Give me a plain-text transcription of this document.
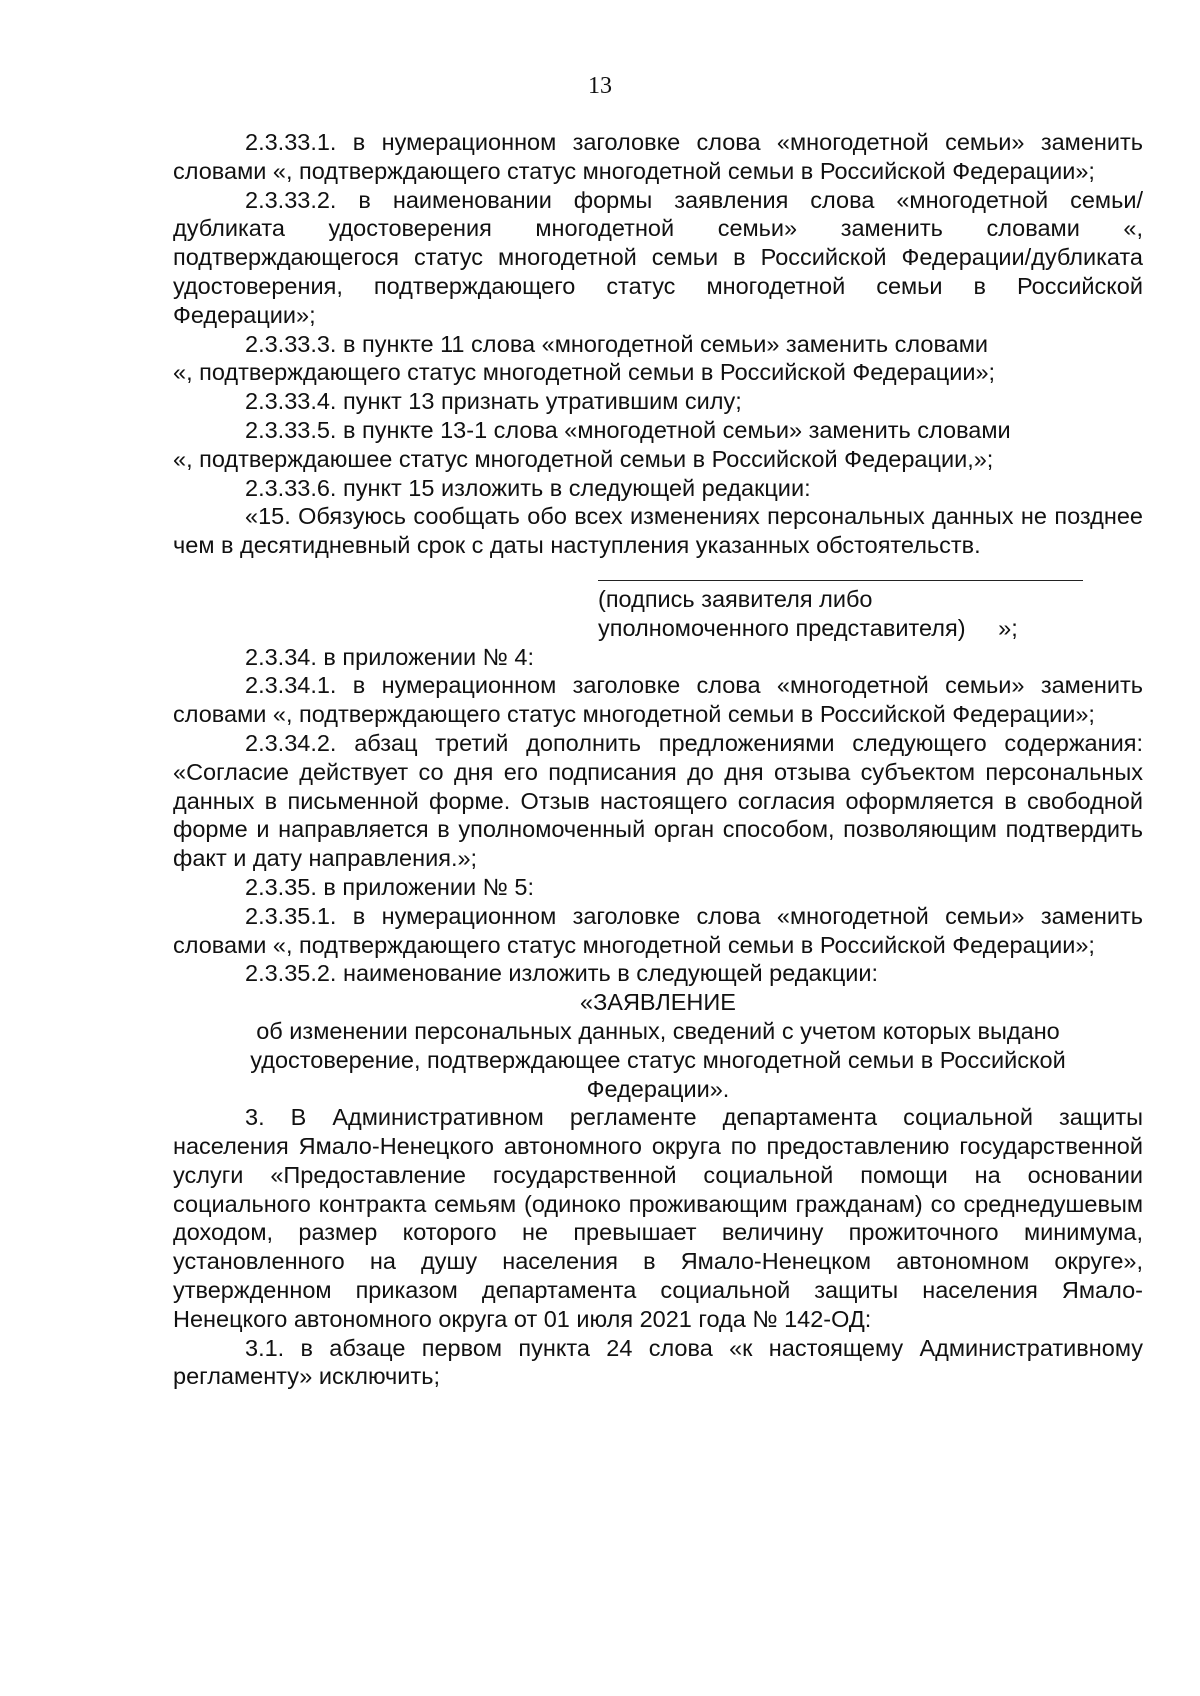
13

2.3.33.1. в нумерационном заголовке слова «многодетной семьи» заменить словами «, подтверждающего статус многодетной семьи в Российской Федерации»;

2.3.33.2. в наименовании формы заявления слова «многодетной семьи/дубликата удостоверения многодетной семьи» заменить словами «, подтверждающегося статус многодетной семьи в Российской Федерации/дубликата удостоверения, подтверждающего статус многодетной семьи в Российской Федерации»;

2.3.33.3. в пункте 11 слова «многодетной семьи» заменить словами

«, подтверждающего статус многодетной семьи в Российской Федерации»;

2.3.33.4. пункт 13 признать утратившим силу;

2.3.33.5. в пункте 13-1 слова «многодетной семьи» заменить словами

«, подтверждаюшее статус многодетной семьи в Российской Федерации,»;

2.3.33.6. пункт 15 изложить в следующей редакции:

«15. Обязуюсь сообщать обо всех изменениях персональных данных не позднее чем в десятидневный срок с даты наступления указанных обстоятельств.

(подпись заявителя либо

уполномоченного представителя)     »;

2.3.34. в приложении № 4:

2.3.34.1. в нумерационном заголовке слова «многодетной семьи» заменить словами «, подтверждающего статус многодетной семьи в Российской Федерации»;

2.3.34.2. абзац третий дополнить предложениями следующего содержания: «Согласие действует со дня его подписания до дня отзыва субъектом персональных данных в письменной форме. Отзыв настоящего согласия оформляется в свободной форме и направляется в уполномоченный орган способом, позволяющим подтвердить факт и дату направления.»;

2.3.35. в приложении № 5:

2.3.35.1. в нумерационном заголовке слова «многодетной семьи» заменить словами «, подтверждающего статус многодетной семьи в Российской Федерации»;

2.3.35.2. наименование изложить в следующей редакции:

«ЗАЯВЛЕНИЕ

об изменении персональных данных, сведений с учетом которых выдано удостоверение, подтверждающее статус многодетной семьи в Российской Федерации».

3. В Административном регламенте департамента социальной защиты населения Ямало-Ненецкого автономного округа по предоставлению государственной услуги «Предоставление государственной социальной помощи на основании социального контракта семьям (одиноко проживающим гражданам) со среднедушевым доходом, размер которого не превышает величину прожиточного минимума, установленного на душу населения в Ямало-Ненецком автономном округе», утвержденном приказом департамента социальной защиты населения Ямало-Ненецкого автономного округа от 01 июля 2021 года № 142-ОД:

3.1. в абзаце первом пункта 24 слова «к настоящему Административному регламенту» исключить;
